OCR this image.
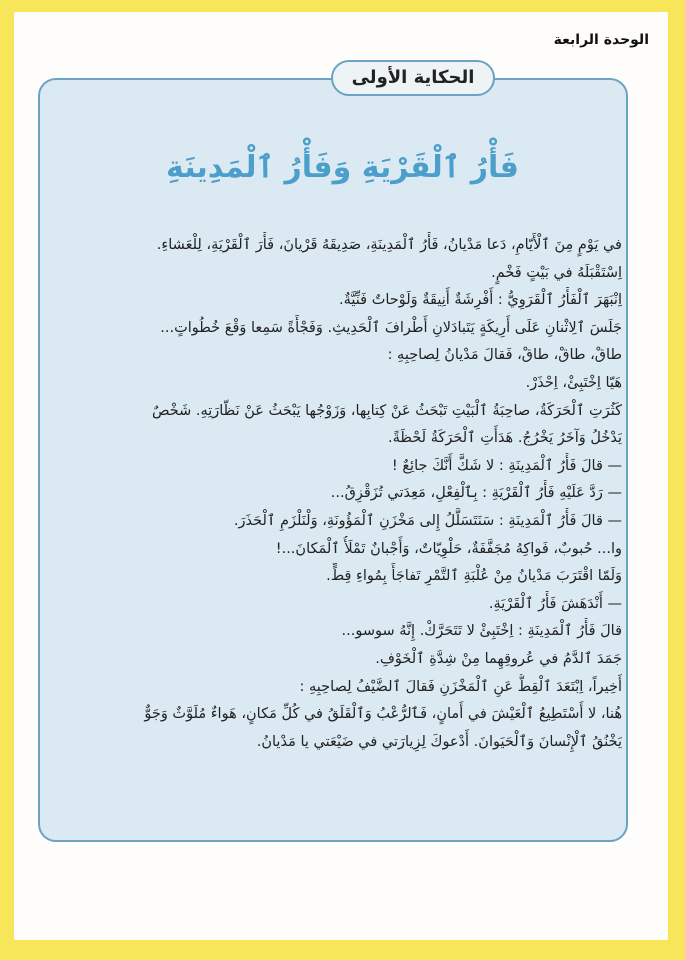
الوحدة الرابعة
الحكاية الأولى
فَأْرُ ٱلْقَرْيَةِ وَفَأْرُ ٱلْمَدِينَةِ
في يَوْمٍ مِنَ ٱلْأَيّامِ، دَعا مَدْيانُ، فَأْرُ ٱلْمَدِينَةِ، صَدِيقَهُ قَرْيانَ، فَأْرَ ٱلْقَرْيَةِ، لِلْعَشاءِ.
اِسْتَقْبَلَهُ في بَيْتٍ فَخْمٍ.
اِنْبَهَرَ ٱلْفَأْرُ ٱلْقَرَوِيُّ : أَفْرِشَةٌ أَنِيقَةٌ وَلَوْحاتٌ فَنِّيَّةٌ.
جَلَسَ ٱلِاثْنانِ عَلَى أَرِيكَةٍ يَتَبادَلانِ أَطْرافَ ٱلْحَدِيثِ. وَفَجْأَةً سَمِعا وَقْعَ خُطُواتٍ...
طاقْ، طاقْ، طاقْ، فَقالَ مَدْيانُ لِصاحِبِهِ :
هَيّا اِخْتَبِئْ، اِحْذَرْ.
كَثُرَتِ ٱلْحَرَكَةُ، صاحِبَةُ ٱلْبَيْتِ تَبْحَثُ عَنْ كِتابِها، وَزَوْجُها يَبْحَثُ عَنْ نَظّارَتِهِ. شَخْصٌ
يَدْخُلُ وَآخَرُ يَخْرُجُ. هَدَأَتِ ٱلْحَرَكَةُ لَحْظَةً.
— قالَ فَأْرُ ٱلْمَدِينَةِ : لا شَكَّ أَنَّكَ جائِعٌ !
— رَدَّ عَلَيْهِ فَأْرُ ٱلْقَرْيَةِ : بِٱلْفِعْلِ، مَعِدَتي تُزَقْزِقُ...
— قالَ فَأْرُ ٱلْمَدِينَةِ : سَنَتَسَلَّلُ إِلى مَخْزَنِ ٱلْمَؤُونَةِ، وَلْنَلْزَمِ ٱلْحَذَرَ.
وا... حُبوبٌ، فَواكِهُ مُجَفَّفَةٌ، حَلْوِيّاتٌ، وَأَجْبانٌ تَمْلَأُ ٱلْمَكانَ...!
وَلَمّا اقْتَرَبَ مَدْيانُ مِنْ عُلْبَةِ ٱلتَّمْرِ تَفاجَأَ بِمُواءِ قِطٍّ.
— أَنْدَهَشَ فَأْرُ ٱلْقَرْيَةِ.
قالَ فَأْرُ ٱلْمَدِينَةِ : اِخْتَبِئْ لا تَتَحَرَّكْ. إِنَّهُ سوسو...
جَمَدَ ٱلدَّمُ في عُروقِهِما مِنْ شِدَّةِ ٱلْخَوْفِ.
أَخِيراً، اِبْتَعَدَ ٱلْقِطُّ عَنِ ٱلْمَخْزَنِ فَقالَ ٱلضَّيْفُ لِصاحِبِهِ :
هُنا، لا أَسْتَطِيعُ ٱلْعَيْشَ في أَمانٍ، فَٱلرُّعْبُ وَٱلْقَلَقُ في كُلِّ مَكانٍ، هَواءٌ مُلَوَّثٌ وَجَوٌّ
يَخْنُقُ ٱلْإِنْسانَ وَٱلْحَيَوانَ. أَدْعوكَ لِزِيارَتي في ضَيْعَتي يا مَدْيانُ.
